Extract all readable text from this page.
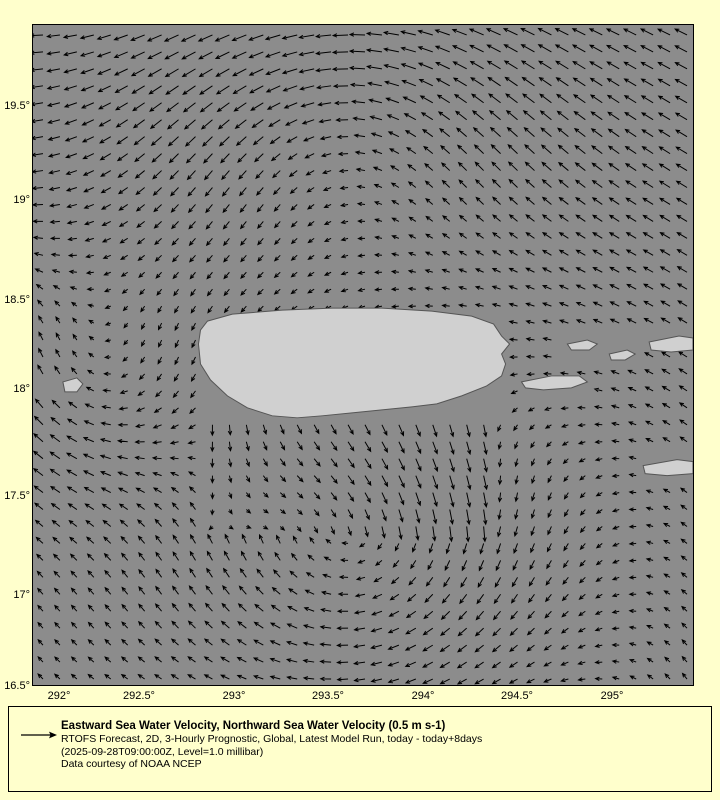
16.5°
17°
17.5°
18°
18.5°
19°
19.5°
292°	292.5°	293°	293.5°	294°	294.5°	295°
Eastward Sea Water Velocity, Northward Sea Water Velocity (0.5 m s-1)
RTOFS Forecast, 2D, 3-Hourly Prognostic, Global, Latest Model Run, today - today+8days
(2025-09-28T09:00:00Z, Level=1.0 millibar)
Data courtesy of NOAA NCEP
